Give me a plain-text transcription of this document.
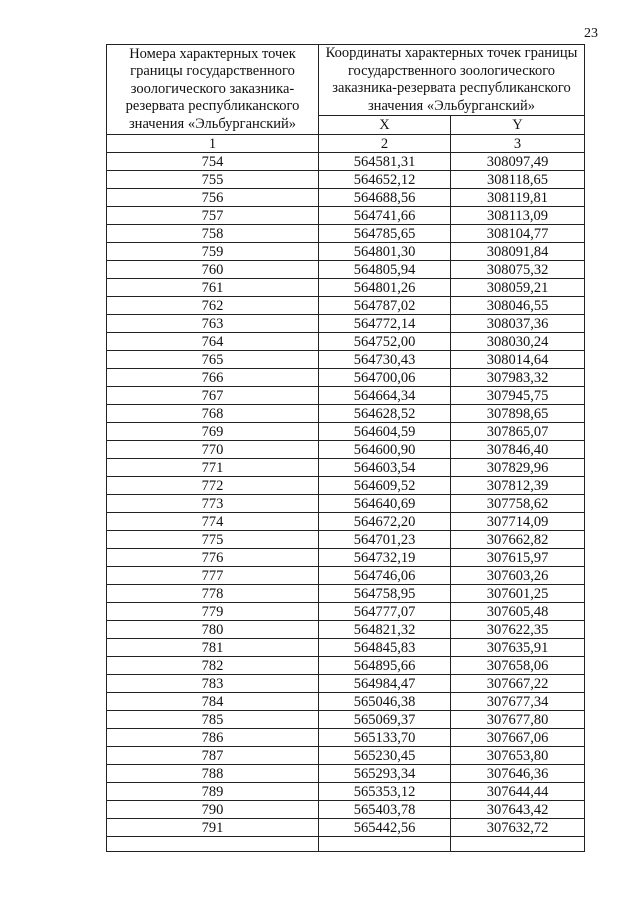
23
Номера характерных точек границы государственного зоологического заказника-резервата республиканского значения «Эльбурганский»	Координаты характерных точек границы государственного зоологического заказника-резервата республиканского значения «Эльбурганский»	
	X	Y
1	2	3
754	564581,31	308097,49
755	564652,12	308118,65
756	564688,56	308119,81
757	564741,66	308113,09
758	564785,65	308104,77
759	564801,30	308091,84
760	564805,94	308075,32
761	564801,26	308059,21
762	564787,02	308046,55
763	564772,14	308037,36
764	564752,00	308030,24
765	564730,43	308014,64
766	564700,06	307983,32
767	564664,34	307945,75
768	564628,52	307898,65
769	564604,59	307865,07
770	564600,90	307846,40
771	564603,54	307829,96
772	564609,52	307812,39
773	564640,69	307758,62
774	564672,20	307714,09
775	564701,23	307662,82
776	564732,19	307615,97
777	564746,06	307603,26
778	564758,95	307601,25
779	564777,07	307605,48
780	564821,32	307622,35
781	564845,83	307635,91
782	564895,66	307658,06
783	564984,47	307667,22
784	565046,38	307677,34
785	565069,37	307677,80
786	565133,70	307667,06
787	565230,45	307653,80
788	565293,34	307646,36
789	565353,12	307644,44
790	565403,78	307643,42
791	565442,56	307632,72
